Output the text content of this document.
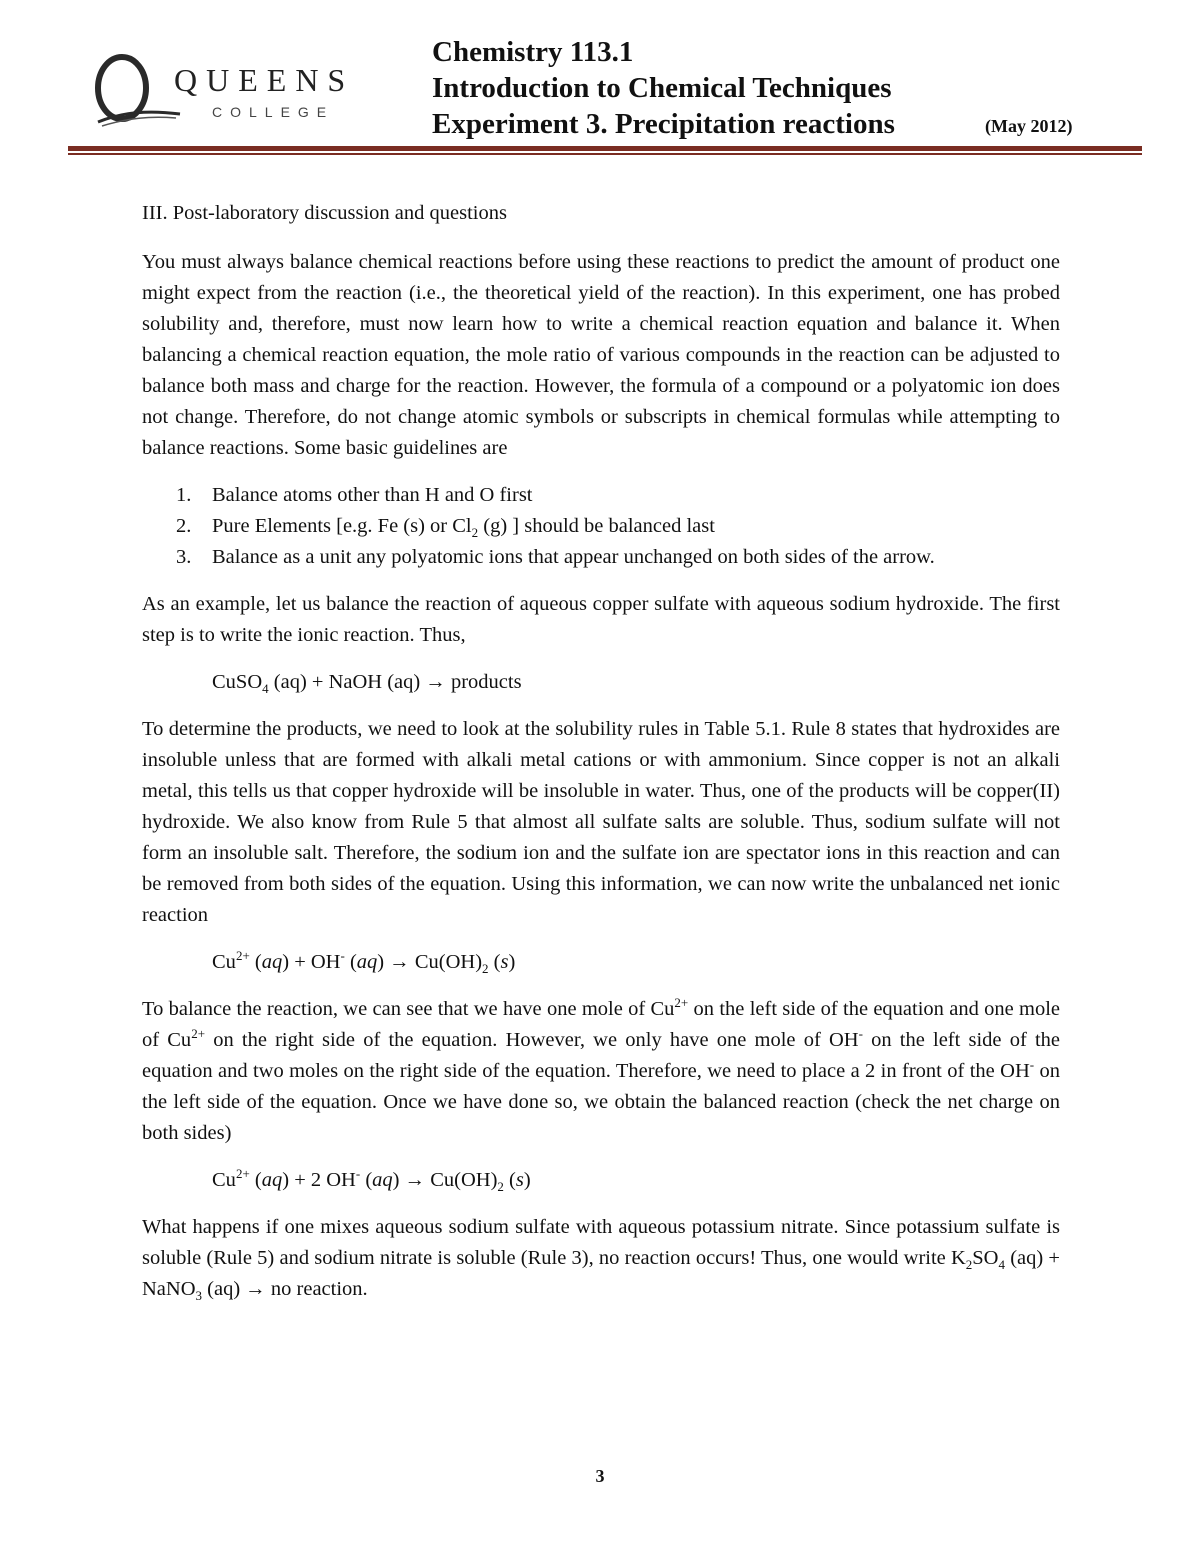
QUEENS
COLLEGE
Chemistry 113.1
Introduction to Chemical Techniques
Experiment 3. Precipitation reactions	(May 2012)

III. Post-laboratory discussion and questions

You must always balance chemical reactions before using these reactions to predict the amount of product one might expect from the reaction (i.e., the theoretical yield of the reaction). In this experiment, one has probed solubility and, therefore, must now learn how to write a chemical reaction equation and balance it. When balancing a chemical reaction equation, the mole ratio of various compounds in the reaction can be adjusted to balance both mass and charge for the reaction. However, the formula of a compound or a polyatomic ion does not change. Therefore, do not change atomic symbols or subscripts in chemical formulas while attempting to balance reactions. Some basic guidelines are

1. Balance atoms other than H and O first
2. Pure Elements [e.g. Fe (s) or $Cl_2$ (g) ] should be balanced last
3. Balance as a unit any polyatomic ions that appear unchanged on both sides of the arrow.

As an example, let us balance the reaction of aqueous copper sulfate with aqueous sodium hydroxide. The first step is to write the ionic reaction. Thus,

CuSO$_4$ (aq) + NaOH (aq) → products

To determine the products, we need to look at the solubility rules in Table 5.1. Rule 8 states that hydroxides are insoluble unless that are formed with alkali metal cations or with ammonium. Since copper is not an alkali metal, this tells us that copper hydroxide will be insoluble in water. Thus, one of the products will be copper(II) hydroxide. We also know from Rule 5 that almost all sulfate salts are soluble. Thus, sodium sulfate will not form an insoluble salt. Therefore, the sodium ion and the sulfate ion are spectator ions in this reaction and can be removed from both sides of the equation. Using this information, we can now write the unbalanced net ionic reaction

$Cu^{2+}$ (aq) + OH- $(aq) \to Cu(OH)_2$ (s)

To balance the reaction, we can see that we have one mole of $Cu^{2+}$ on the left side of the equation and one mole of $Cu^{2+}$ on the right side of the equation. However, we only have one mole of OH- on the left side of the equation and two moles on the right side of the equation. Therefore, we need to place a 2 in front of the OH- on the left side of the equation. Once we have done so, we obtain the balanced reaction (check the net charge on both sides)

$Cu^{2+}$ (aq) + 2 OH- $(aq) \to Cu(OH)_2$ (s)

What happens if one mixes aqueous sodium sulfate with aqueous potassium nitrate. Since potassium sulfate is soluble (Rule 5) and sodium nitrate is soluble (Rule 3), no reaction occurs! Thus, one would write $K_2SO_4$ (aq) + NaNO$_3$ (aq) → no reaction.

3
